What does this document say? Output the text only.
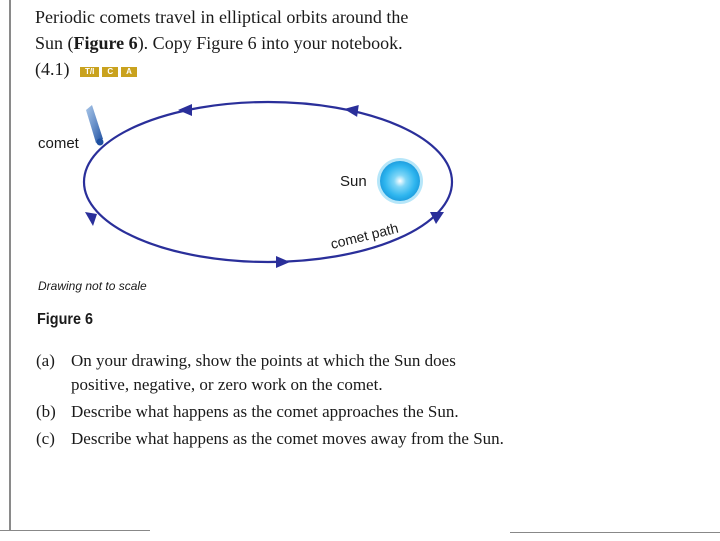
Periodic comets travel in elliptical orbits around the
Sun (Figure 6). Copy Figure 6 into your notebook.
(4.1)	T/I	C	A
comet
Sun
comet path
Drawing not to scale
Figure 6
(a) On your drawing, show the points at which the Sun does positive, negative, or zero work on the comet.
(b) Describe what happens as the comet approaches the Sun.
(c) Describe what happens as the comet moves away from the Sun.
